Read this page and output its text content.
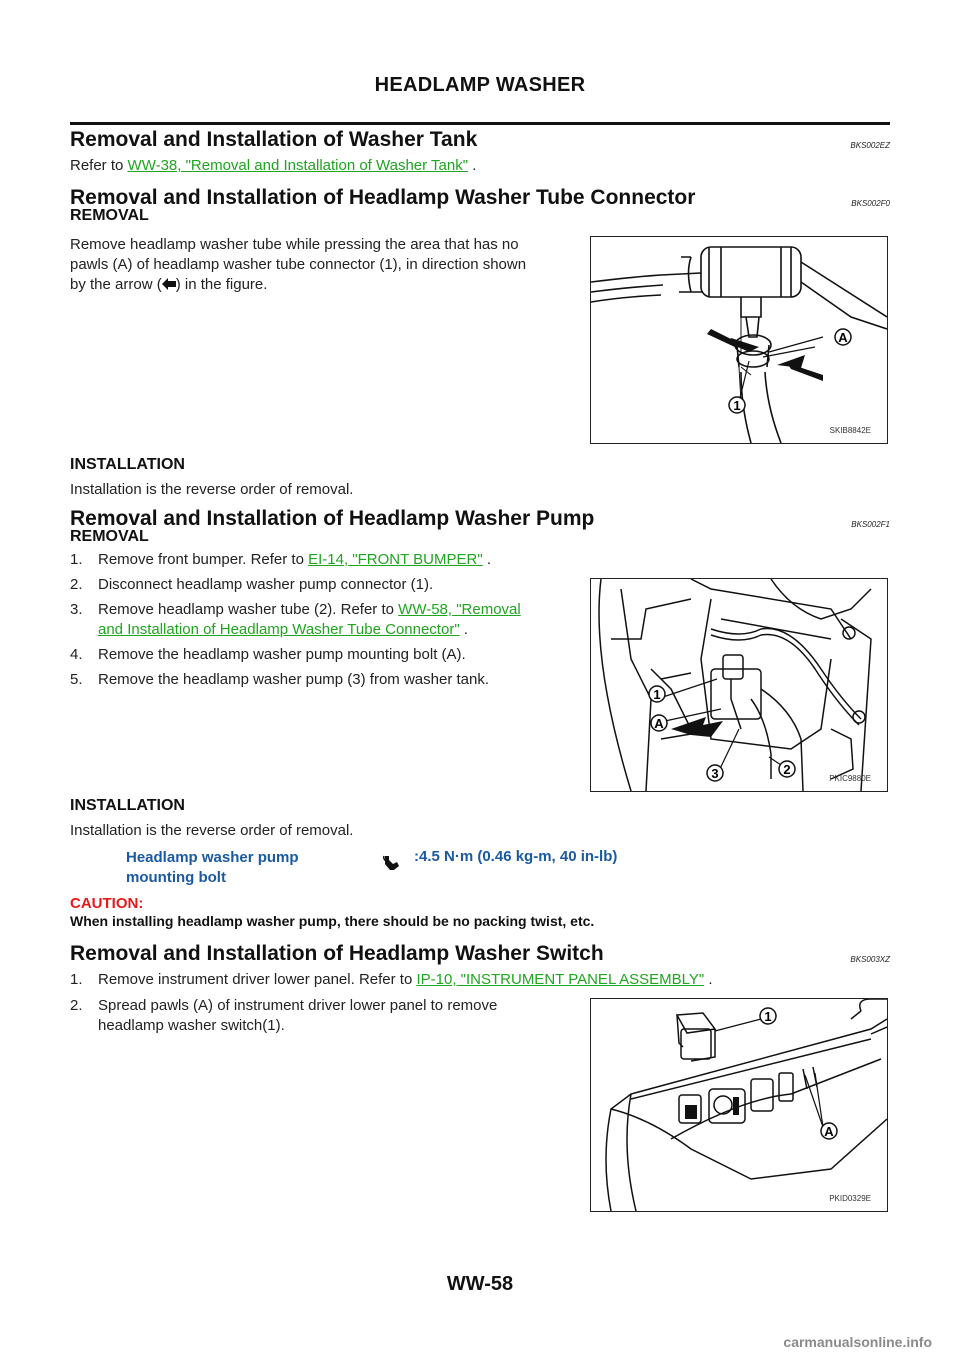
HEADLAMP WASHER
Removal and Installation of Washer Tank	BKS002EZ
Refer to WW-38, "Removal and Installation of Washer Tank" .
Removal and Installation of Headlamp Washer Tube Connector	BKS002F0
REMOVAL
Remove headlamp washer tube while pressing the area that has no
pawls (A) of headlamp washer tube connector (1), in direction shown
by the arrow ( ) in the figure.
A
1
SKIB8842E
INSTALLATION
Installation is the reverse order of removal.
Removal and Installation of Headlamp Washer Pump	BKS002F1
REMOVAL
1.	Remove front bumper. Refer to EI-14, "FRONT BUMPER" .
2.	Disconnect headlamp washer pump connector (1).
3.	Remove headlamp washer tube (2). Refer to WW-58, "Removal
and Installation of Headlamp Washer Tube Connector" .
4.	Remove the headlamp washer pump mounting bolt (A).
5.	Remove the headlamp washer pump (3) from washer tank.
1
A
3	2
PKIC9880E
INSTALLATION
Installation is the reverse order of removal.
Headlamp washer pump
mounting bolt
:4.5 N·m (0.46 kg-m, 40 in-lb)
CAUTION:
When installing headlamp washer pump, there should be no packing twist, etc.
Removal and Installation of Headlamp Washer Switch	BKS003XZ
1.	Remove instrument driver lower panel. Refer to IP-10, "INSTRUMENT PANEL ASSEMBLY" .
2.	Spread pawls (A) of instrument driver lower panel to remove
headlamp washer switch(1).
1
A
PKID0329E
WW-58
carmanualsonline.info
